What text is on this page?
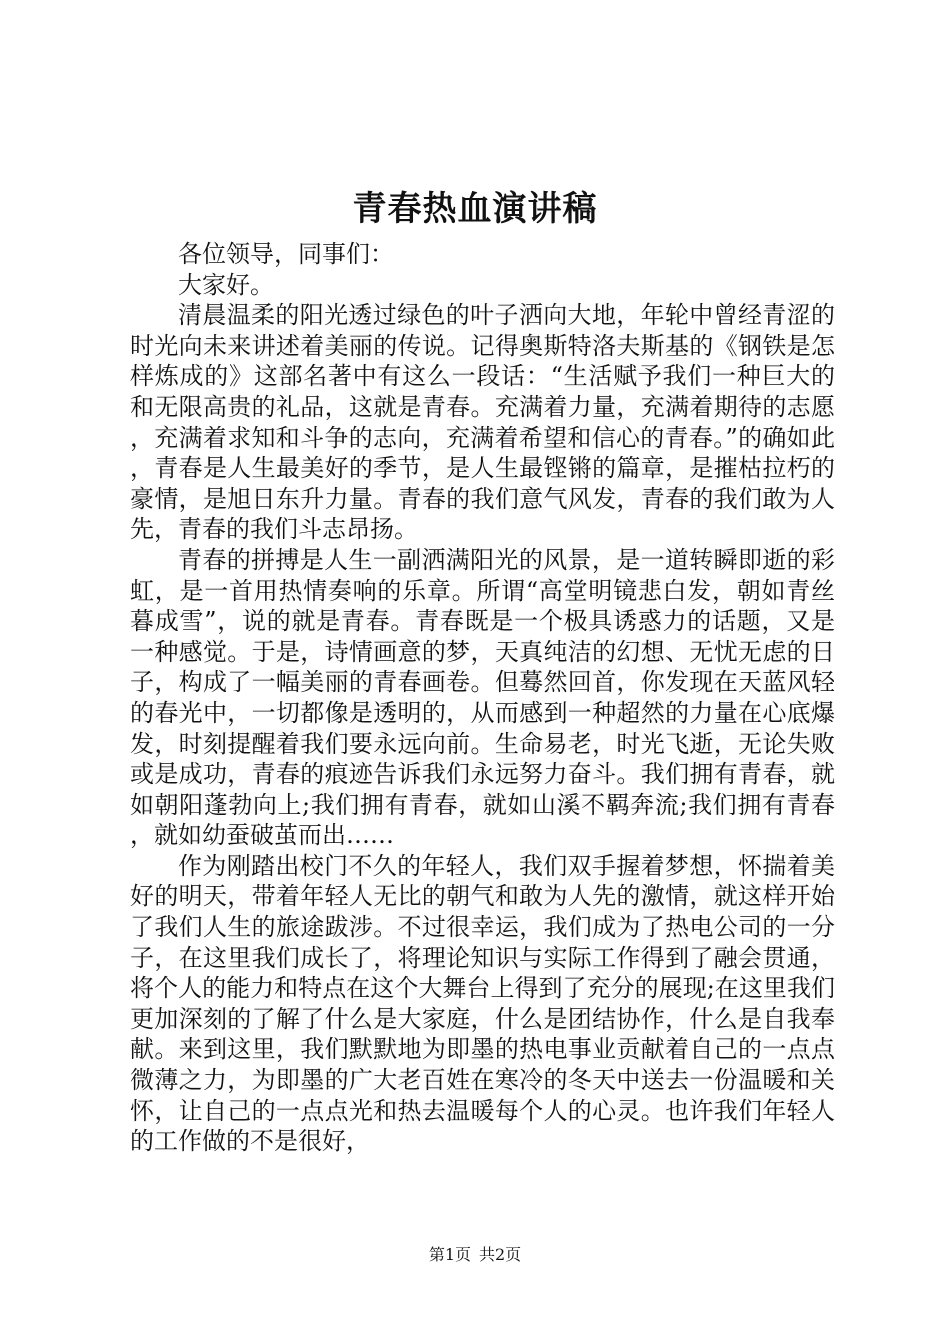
青春热血演讲稿

各位领导，同事们：

大家好。

清晨温柔的阳光透过绿色的叶子洒向大地，年轮中曾经青涩的时光向未来讲述着美丽的传说。记得奥斯特洛夫斯基的《钢铁是怎样炼成的》这部名著中有这么一段话：“生活赋予我们一种巨大的和无限高贵的礼品，这就是青春。充满着力量，充满着期待的志愿，充满着求知和斗争的志向，充满着希望和信心的青春。”的确如此，青春是人生最美好的季节，是人生最铿锵的篇章，是摧枯拉朽的豪情，是旭日东升力量。青春的我们意气风发，青春的我们敢为人先，青春的我们斗志昂扬。

青春的拼搏是人生一副洒满阳光的风景，是一道转瞬即逝的彩虹，是一首用热情奏响的乐章。所谓“高堂明镜悲白发，朝如青丝暮成雪”，说的就是青春。青春既是一个极具诱惑力的话题，又是一种感觉。于是，诗情画意的梦，天真纯洁的幻想、无忧无虑的日子，构成了一幅美丽的青春画卷。但蓦然回首，你发现在天蓝风轻的春光中，一切都像是透明的，从而感到一种超然的力量在心底爆发，时刻提醒着我们要永远向前。生命易老，时光飞逝，无论失败或是成功，青春的痕迹告诉我们永远努力奋斗。我们拥有青春，就如朝阳蓬勃向上;我们拥有青春，就如山溪不羁奔流;我们拥有青春，就如幼蚕破茧而出……

作为刚踏出校门不久的年轻人，我们双手握着梦想，怀揣着美好的明天，带着年轻人无比的朝气和敢为人先的激情，就这样开始了我们人生的旅途跋涉。不过很幸运，我们成为了热电公司的一分子，在这里我们成长了，将理论知识与实际工作得到了融会贯通，将个人的能力和特点在这个大舞台上得到了充分的展现;在这里我们更加深刻的了解了什么是大家庭，什么是团结协作，什么是自我奉献。来到这里，我们默默地为即墨的热电事业贡献着自己的一点点微薄之力，为即墨的广大老百姓在寒冷的冬天中送去一份温暖和关怀，让自己的一点点光和热去温暖每个人的心灵。也许我们年轻人的工作做的不是很好，

第1页 共2页
